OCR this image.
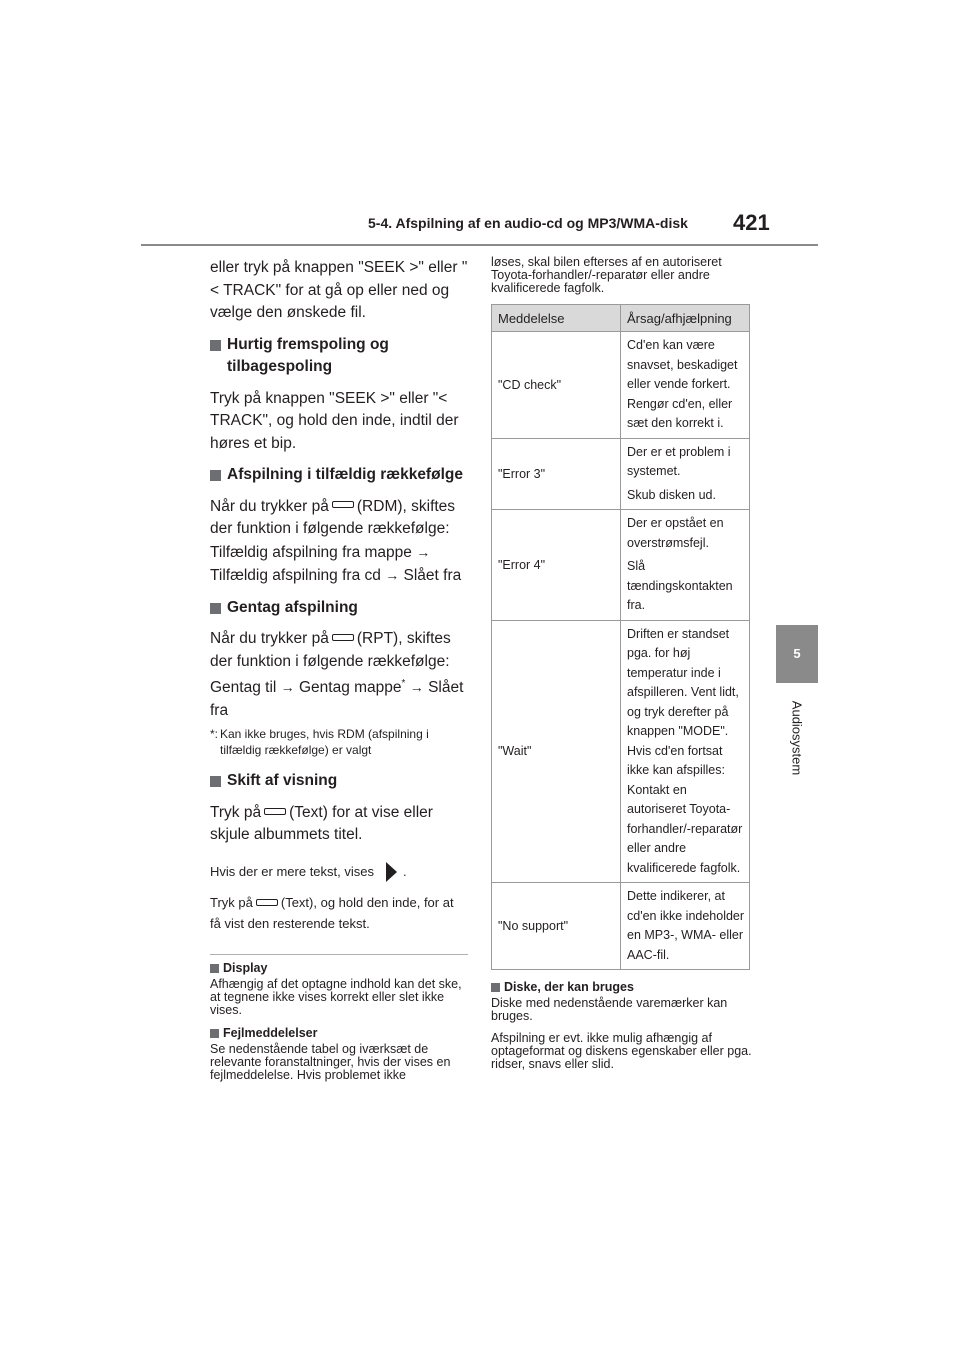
5-4. Afspilning af en audio-cd og MP3/WMA-disk 421
5
Audiosystem

eller tryk på knappen "SEEK >" eller "< TRACK" for at gå op eller ned og vælge den ønskede fil.

Hurtig fremspoling og tilbagespoling

Tryk på knappen "SEEK >" eller "< TRACK", og hold den inde, indtil der høres et bip.

Afspilning i tilfældig rækkefølge

Når du trykker på (RDM), skiftes der funktion i følgende rækkefølge:

Tilfældig afspilning fra mappe → Tilfældig afspilning fra cd → Slået fra

Gentag afspilning

Når du trykker på (RPT), skiftes der funktion i følgende rækkefølge:

Gentag til → Gentag mappe* → Slået fra

*: Kan ikke bruges, hvis RDM (afspilning i tilfældig rækkefølge) er valgt
Skift af visning

Tryk på (Text) for at vise eller skjule albummets titel.

Hvis der er mere tekst, vises .

Tryk på (Text), og hold den inde, for at få vist den resterende tekst.

Display

Afhængig af det optagne indhold kan det ske, at tegnene ikke vises korrekt eller slet ikke vises.

Fejlmeddelelser

Se nedenstående tabel og iværksæt de relevante foranstaltninger, hvis der vises en fejlmeddelelse. Hvis problemet ikke

løses, skal bilen efterses af en autoriseret Toyota-forhandler/-reparatør eller andre kvalificerede fagfolk.

Meddelelse	Årsag/afhjælpning
"CD check"	Cd'en kan være snavset, beskadiget eller vende forkert. Rengør cd'en, eller sæt den korrekt i.

"Error 3"	Der er et problem i systemet.

Skub disken ud.

"Error 4"	Der er opstået en overstrømsfejl.

Slå tændingskontakten fra.

"Wait"	Driften er standset pga. for høj temperatur inde i afspilleren. Vent lidt, og tryk derefter på knappen "MODE". Hvis cd'en fortsat ikke kan afspilles: Kontakt en autoriseret Toyota-forhandler/-reparatør eller andre kvalificerede fagfolk.

"No support"	Dette indikerer, at cd'en ikke indeholder en MP3-, WMA- eller AAC-fil.

Diske, der kan bruges

Diske med nedenstående varemærker kan bruges.

Afspilning er evt. ikke mulig afhængig af optageformat og diskens egenskaber eller pga. ridser, snavs eller slid.
